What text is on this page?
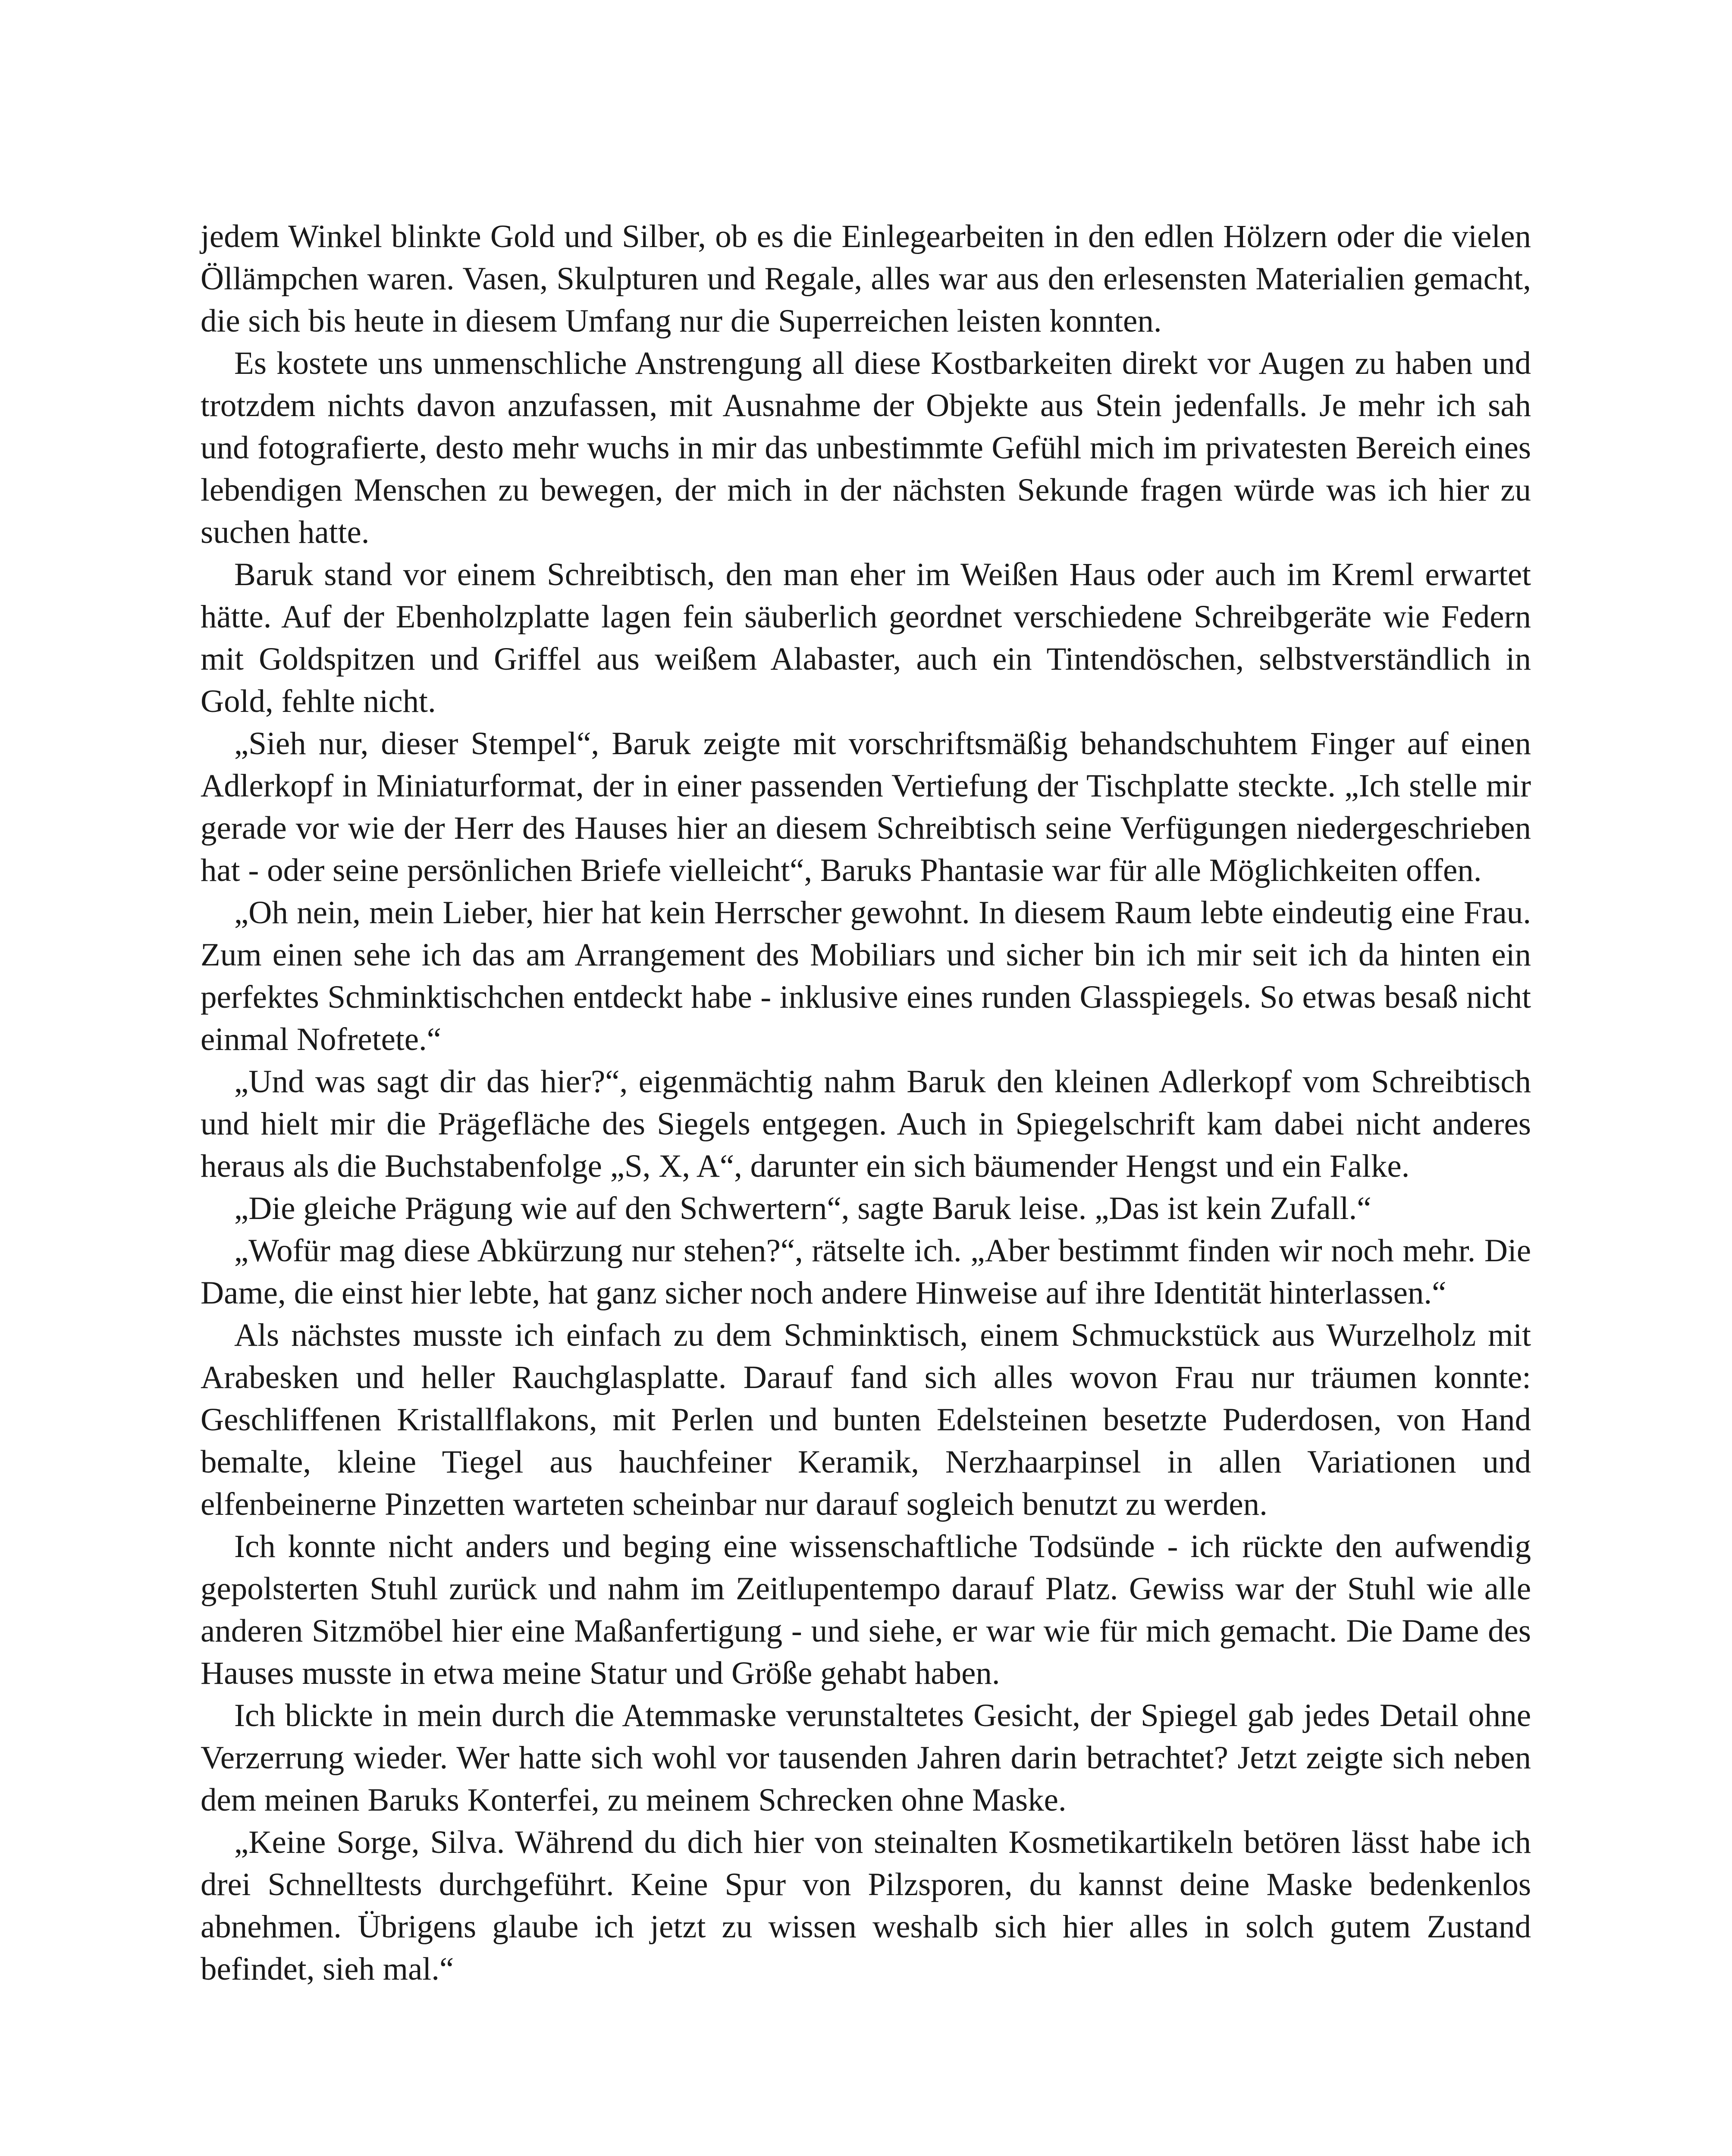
jedem Winkel blinkte Gold und Silber, ob es die Einlegearbeiten in den edlen Hölzern oder die vielen Öllämpchen waren. Vasen, Skulpturen und Regale, alles war aus den erlesensten Materialien gemacht, die sich bis heute in diesem Umfang nur die Superreichen leisten konnten.

Es kostete uns unmenschliche Anstrengung all diese Kostbarkeiten direkt vor Augen zu haben und trotzdem nichts davon anzufassen, mit Ausnahme der Objekte aus Stein jedenfalls. Je mehr ich sah und fotografierte, desto mehr wuchs in mir das unbestimmte Gefühl mich im privatesten Bereich eines lebendigen Menschen zu bewegen, der mich in der nächsten Sekunde fragen würde was ich hier zu suchen hatte.

Baruk stand vor einem Schreibtisch, den man eher im Weißen Haus oder auch im Kreml erwartet hätte. Auf der Ebenholzplatte lagen fein säuberlich geordnet verschiedene Schreibgeräte wie Federn mit Goldspitzen und Griffel aus weißem Alabaster, auch ein Tintendöschen, selbstverständlich in Gold, fehlte nicht.

„Sieh nur, dieser Stempel“, Baruk zeigte mit vorschriftsmäßig behandschuhtem Finger auf einen Adlerkopf in Miniaturformat, der in einer passenden Vertiefung der Tischplatte steckte. „Ich stelle mir gerade vor wie der Herr des Hauses hier an diesem Schreibtisch seine Verfügungen niedergeschrieben hat - oder seine persönlichen Briefe vielleicht“, Baruks Phantasie war für alle Möglichkeiten offen.

„Oh nein, mein Lieber, hier hat kein Herrscher gewohnt. In diesem Raum lebte eindeutig eine Frau. Zum einen sehe ich das am Arrangement des Mobiliars und sicher bin ich mir seit ich da hinten ein perfektes Schminktischchen entdeckt habe - inklusive eines runden Glasspiegels. So etwas besaß nicht einmal Nofretete.“

„Und was sagt dir das hier?“, eigenmächtig nahm Baruk den kleinen Adlerkopf vom Schreibtisch und hielt mir die Prägefläche des Siegels entgegen. Auch in Spiegelschrift kam dabei nicht anderes heraus als die Buchstabenfolge „S, X, A“, darunter ein sich bäumender Hengst und ein Falke.

„Die gleiche Prägung wie auf den Schwertern“, sagte Baruk leise. „Das ist kein Zufall.“

„Wofür mag diese Abkürzung nur stehen?“, rätselte ich. „Aber bestimmt finden wir noch mehr. Die Dame, die einst hier lebte, hat ganz sicher noch andere Hinweise auf ihre Identität hinterlassen.“

Als nächstes musste ich einfach zu dem Schminktisch, einem Schmuckstück aus Wurzelholz mit Arabesken und heller Rauchglasplatte. Darauf fand sich alles wovon Frau nur träumen konnte: Geschliffenen Kristallflakons, mit Perlen und bunten Edelsteinen besetzte Puderdosen, von Hand bemalte, kleine Tiegel aus hauchfeiner Keramik, Nerzhaarpinsel in allen Variationen und elfenbeinerne Pinzetten warteten scheinbar nur darauf sogleich benutzt zu werden.

Ich konnte nicht anders und beging eine wissenschaftliche Todsünde - ich rückte den aufwendig gepolsterten Stuhl zurück und nahm im Zeitlupentempo darauf Platz. Gewiss war der Stuhl wie alle anderen Sitzmöbel hier eine Maßanfertigung - und siehe, er war wie für mich gemacht. Die Dame des Hauses musste in etwa meine Statur und Größe gehabt haben.

Ich blickte in mein durch die Atemmaske verunstaltetes Gesicht, der Spiegel gab jedes Detail ohne Verzerrung wieder. Wer hatte sich wohl vor tausenden Jahren darin betrachtet? Jetzt zeigte sich neben dem meinen Baruks Konterfei, zu meinem Schrecken ohne Maske.

„Keine Sorge, Silva. Während du dich hier von steinalten Kosmetikartikeln betören lässt habe ich drei Schnelltests durchgeführt. Keine Spur von Pilzsporen, du kannst deine Maske bedenkenlos abnehmen. Übrigens glaube ich jetzt zu wissen weshalb sich hier alles in solch gutem Zustand befindet, sieh mal.“
